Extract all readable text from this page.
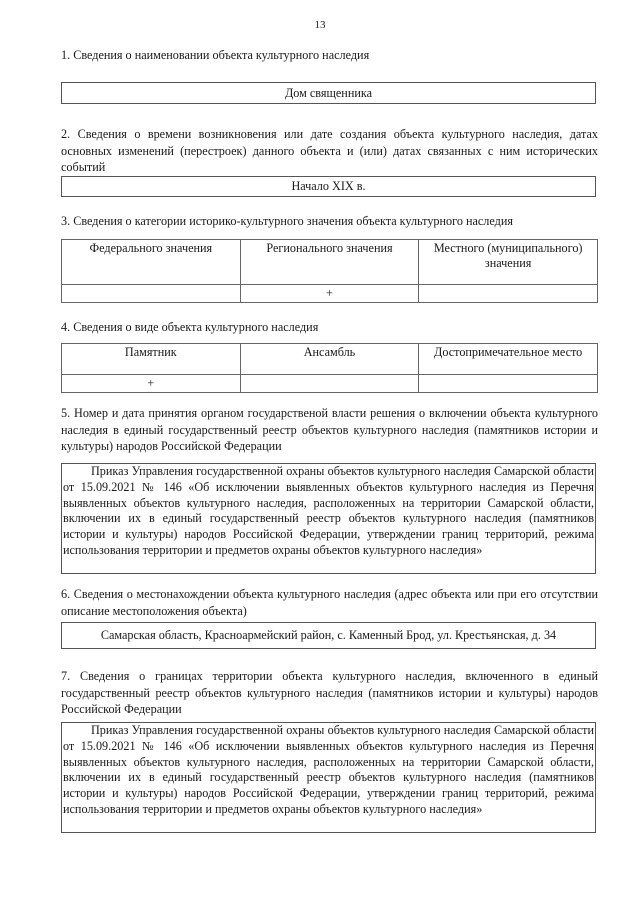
13
1. Сведения о наименовании объекта культурного наследия
Дом священника
2. Сведения о времени возникновения или дате создания объекта культурного наследия, датах основных изменений (перестроек) данного объекта и (или) датах связанных с ним исторических событий
Начало XIX в.
3. Сведения о категории историко-культурного значения объекта культурного наследия
Федерального значения	Регионального значения	Местного (муниципального) значения
	+	
4. Сведения о виде объекта культурного наследия
Памятник	Ансамбль	Достопримечательное место
+		
5. Номер и дата принятия органом государственой власти решения о включении объекта культурного наследия в единый государственный реестр объектов культурного наследия (памятников истории и культуры) народов Российской Федерации
Приказ Управления государственной охраны объектов культурного наследия Самарской области от 15.09.2021 № 146 «Об исключении выявленных объектов культурного наследия из Перечня выявленных объектов культурного наследия, расположенных на территории Самарской области, включении их в единый государственный реестр объектов культурного наследия (памятников истории и культуры) народов Российской Федерации, утверждении границ территорий, режима использования территории и предметов охраны объектов культурного наследия»
6. Сведения о местонахождении объекта культурного наследия (адрес объекта или при его отсутствии описание местоположения объекта)
Самарская область, Красноармейский район, с. Каменный Брод, ул. Крестьянская, д. 34
7. Сведения о границах территории объекта культурного наследия, включенного в единый государственный реестр объектов культурного наследия (памятников истории и культуры) народов Российской Федерации
Приказ Управления государственной охраны объектов культурного наследия Самарской области от 15.09.2021 № 146 «Об исключении выявленных объектов культурного наследия из Перечня выявленных объектов культурного наследия, расположенных на территории Самарской области, включении их в единый государственный реестр объектов культурного наследия (памятников истории и культуры) народов Российской Федерации, утверждении границ территорий, режима использования территории и предметов охраны объектов культурного наследия»
